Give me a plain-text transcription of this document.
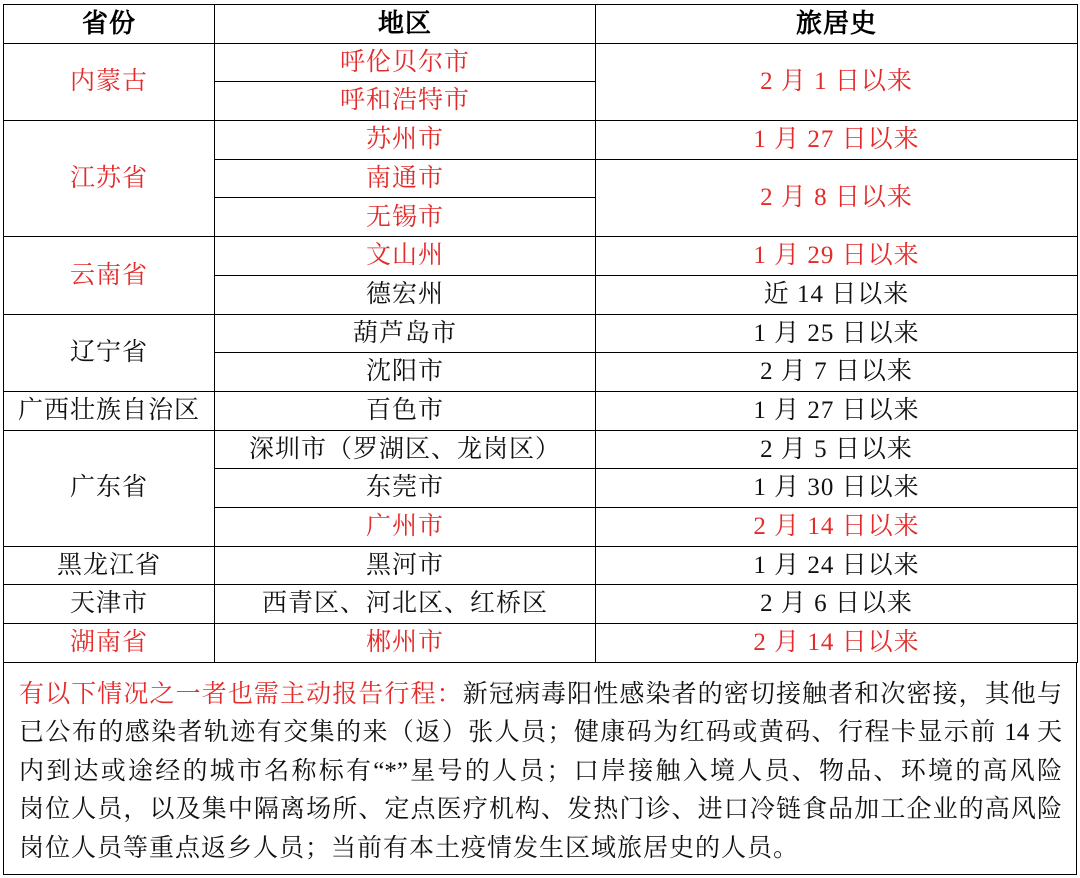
省份	地区	旅居史
内蒙古	呼伦贝尔市	2 月 1 日以来
	呼和浩特市	
江苏省	苏州市	1 月 27 日以来
	南通市	2 月 8 日以来
	无锡市	
云南省	文山州	1 月 29 日以来
	德宏州	近 14 日以来
辽宁省	葫芦岛市	1 月 25 日以来
	沈阳市	2 月 7 日以来
广西壮族自治区	百色市	1 月 27 日以来
广东省	深圳市（罗湖区、龙岗区）	2 月 5 日以来
	东莞市	1 月 30 日以来
	广州市	2 月 14 日以来
黑龙江省	黑河市	1 月 24 日以来
天津市	西青区、河北区、红桥区	2 月 6 日以来
湖南省	郴州市	2 月 14 日以来
有以下情况之一者也需主动报告行程：新冠病毒阳性感染者的密切接触者和次密接，其他与
已公布的感染者轨迹有交集的来（返）张人员；健康码为红码或黄码、行程卡显示前 14 天
内到达或途经的城市名称标有“*”星号的人员；口岸接触入境人员、物品、环境的高风险
岗位人员，以及集中隔离场所、定点医疗机构、发热门诊、进口冷链食品加工企业的高风险
岗位人员等重点返乡人员；当前有本土疫情发生区域旅居史的人员。
